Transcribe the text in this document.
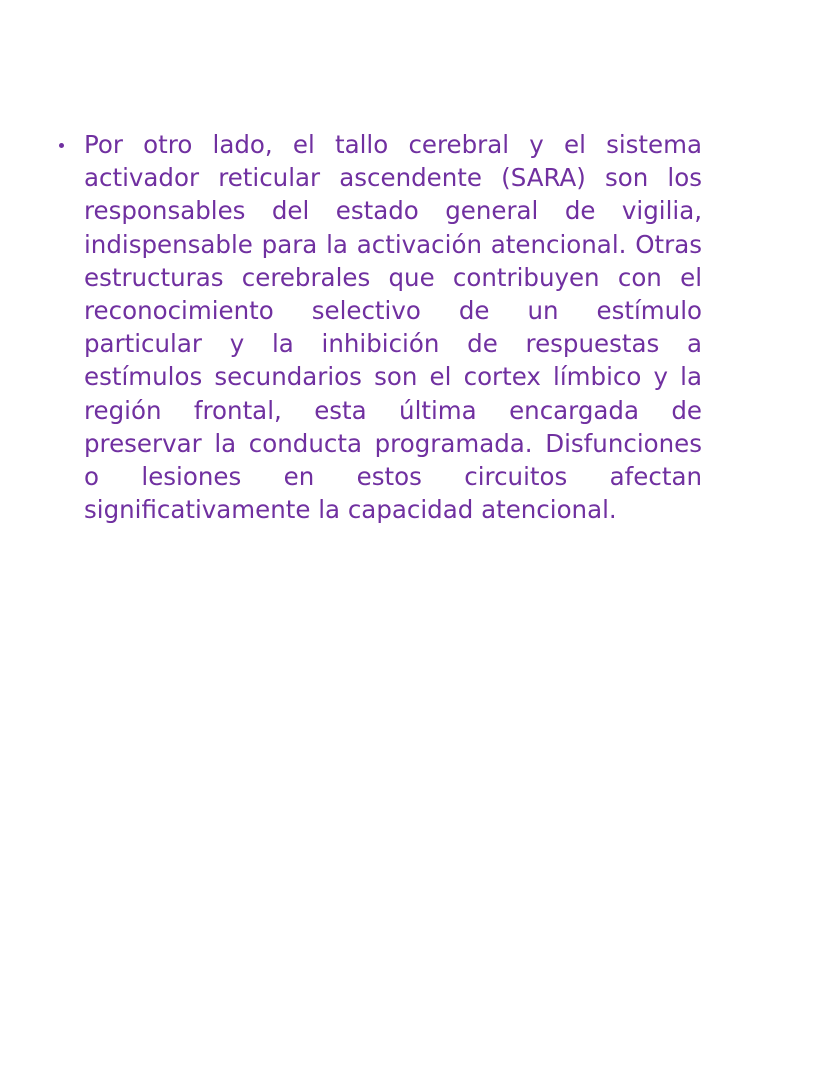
Por otro lado, el tallo cerebral y el sistema activador reticular ascendente (SARA) son los responsables del estado general de vigilia, indispensable para la activación atencional. Otras estructuras cerebrales que contribuyen con el reconocimiento selectivo de un estímulo particular y la inhibición de respuestas a estímulos secundarios son el cortex límbico y la región frontal, esta última encargada de preservar la conducta programada. Disfunciones o lesiones en estos circuitos afectan significativamente la capacidad atencional.
